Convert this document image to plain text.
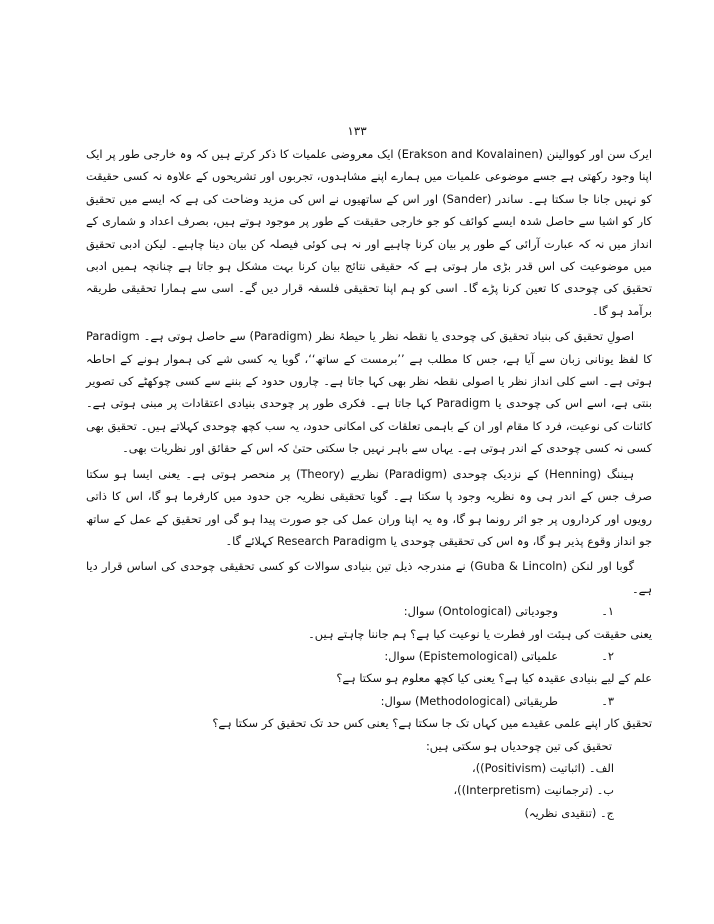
۱۳۳

ایرک سن اور کووالینن (Erakson and Kovalainen) ایک معروضی علمیات کا ذکر کرتے ہیں کہ وہ خارجی طور پر ایک اپنا وجود رکھتی ہے جسے موضوعی علمیات میں ہمارے اپنے مشاہدوں، تجربوں اور تشریحوں کے علاوہ نہ کسی حقیقت کو نہیں جانا جا سکتا ہے۔ ساندر (Sander) اور اس کے ساتھیوں نے اس کی مزید وضاحت کی ہے کہ ایسے میں تحقیق کار کو اشیا سے حاصل شدہ ایسے کوائف کو جو خارجی حقیقت کے طور پر موجود ہوتے ہیں، بصرف اعداد و شماری کے انداز میں نہ کہ عبارت آرائی کے طور پر بیان کرنا چاہیے اور نہ ہی کوئی فیصلہ کن بیان دینا چاہیے۔ لیکن ادبی تحقیق میں موضوعیت کی اس قدر بڑی مار ہوتی ہے کہ حقیقی نتائج بیان کرنا بہت مشکل ہو جاتا ہے چنانچہ ہمیں ادبی تحقیق کی چوحدی کا تعین کرنا پڑے گا۔ اسی کو ہم اپنا تحقیقی فلسفہ قرار دیں گے۔ اسی سے ہمارا تحقیقی طریقہ برآمد ہو گا۔

اصولِ تحقیق کی بنیاد تحقیق کی چوحدی یا نقطہ نظر یا حیطۂ نظر (Paradigm) سے حاصل ہوتی ہے۔ Paradigm کا لفظ یونانی زبان سے آیا ہے، جس کا مطلب ہے ’’برمست کے ساتھ‘‘، گویا یہ کسی شے کی ہموار ہونے کے احاطہ ہوتی ہے۔ اسے کلی انداز نظر یا اصولی نقطہ نظر بھی کہا جاتا ہے۔ چاروں حدود کے بننے سے کسی چوکھٹے کی تصویر بنتی ہے، اسے اس کی چوحدی یا Paradigm کہا جاتا ہے۔ فکری طور پر چوحدی بنیادی اعتقادات پر مبنی ہوتی ہے۔ کائنات کی نوعیت، فرد کا مقام اور ان کے باہمی تعلقات کی امکانی حدود، یہ سب کچھ چوحدی کہلاتے ہیں۔ تحقیق بھی کسی نہ کسی چوحدی کے اندر ہوتی ہے۔ یہاں سے باہر نہیں جا سکتی حتیٰ کہ اس کے حقائق اور نظریات بھی۔

ہیننگ (Henning) کے نزدیک چوحدی (Paradigm) نظریے (Theory) پر منحصر ہوتی ہے۔ یعنی ایسا ہو سکتا صرف جس کے اندر ہی وہ نظریہ وجود پا سکتا ہے۔ گویا تحقیقی نظریہ جن حدود میں کارفرما ہو گا، اس کا ذاتی رویوں اور کرداروں پر جو اثر رونما ہو گا، وہ یہ اپنا وران عمل کی جو صورت پیدا ہو گی اور تحقیق کے عمل کے ساتھ جو انداز وقوع پذیر ہو گا، وہ اس کی تحقیقی چوحدی یا Research Paradigm کہلائے گا۔

گوبا اور لنکن (Guba & Lincoln) نے مندرجہ ذیل تین بنیادی سوالات کو کسی تحقیقی چوحدی کی اساس قرار دیا ہے۔

۱۔
وجودیاتی (Ontological) سوال:
یعنی حقیقت کی ہیئت اور فطرت یا نوعیت کیا ہے؟ ہم جاننا چاہتے ہیں۔
۲۔
علمیاتی (Epistemological) سوال:
علم کے لیے بنیادی عقیدہ کیا ہے؟ یعنی کیا کچھ معلوم ہو سکتا ہے؟
۳۔
طریقیاتی (Methodological) سوال:
تحقیق کار اپنے علمی عقیدے میں کہاں تک جا سکتا ہے؟ یعنی کس حد تک تحقیق کر سکتا ہے؟
تحقیق کی تین چوحدیاں ہو سکتی ہیں:
الف۔ (اثباتیت (Positivism))،
ب۔ (ترجمانیت (Interpretism))،
ج۔ (تنقیدی نظریہ)
